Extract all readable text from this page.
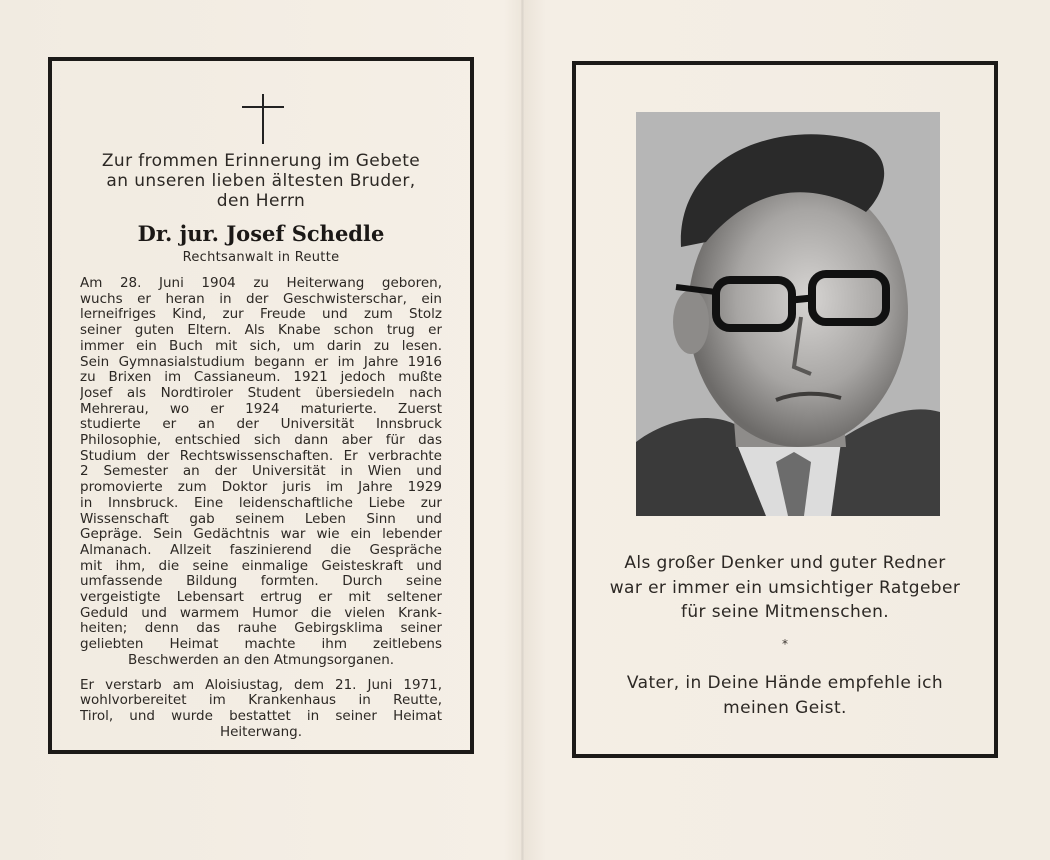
Zur frommen Erinnerung im Gebete
an unseren lieben ältesten Bruder,
den Herrn
Dr. jur. Josef Schedle
Rechtsanwalt in Reutte
Am 28. Juni 1904 zu Heiterwang geboren,
wuchs er heran in der Geschwisterschar, ein
lerneifriges Kind, zur Freude und zum Stolz
seiner guten Eltern. Als Knabe schon trug er
immer ein Buch mit sich, um darin zu lesen.
Sein Gymnasialstudium begann er im Jahre 1916
zu Brixen im Cassianeum. 1921 jedoch mußte
Josef als Nordtiroler Student übersiedeln nach
Mehrerau, wo er 1924 maturierte. Zuerst
studierte er an der Universität Innsbruck
Philosophie, entschied sich dann aber für das
Studium der Rechtswissenschaften. Er verbrachte
2 Semester an der Universität in Wien und
promovierte zum Doktor juris im Jahre 1929
in Innsbruck. Eine leidenschaftliche Liebe zur
Wissenschaft gab seinem Leben Sinn und
Gepräge. Sein Gedächtnis war wie ein lebender
Almanach. Allzeit faszinierend die Gespräche
mit ihm, die seine einmalige Geisteskraft und
umfassende Bildung formten. Durch seine
vergeistigte Lebensart ertrug er mit seltener
Geduld und warmem Humor die vielen Krank-
heiten; denn das rauhe Gebirgsklima seiner
geliebten Heimat machte ihm zeitlebens
Beschwerden an den Atmungsorganen.
Er verstarb am Aloisiustag, dem 21. Juni 1971,
wohlvorbereitet im Krankenhaus in Reutte,
Tirol, und wurde bestattet in seiner Heimat
Heiterwang.
Als großer Denker und guter Redner
war er immer ein umsichtiger Ratgeber
für seine Mitmenschen.
*
Vater, in Deine Hände empfehle ich
meinen Geist.
